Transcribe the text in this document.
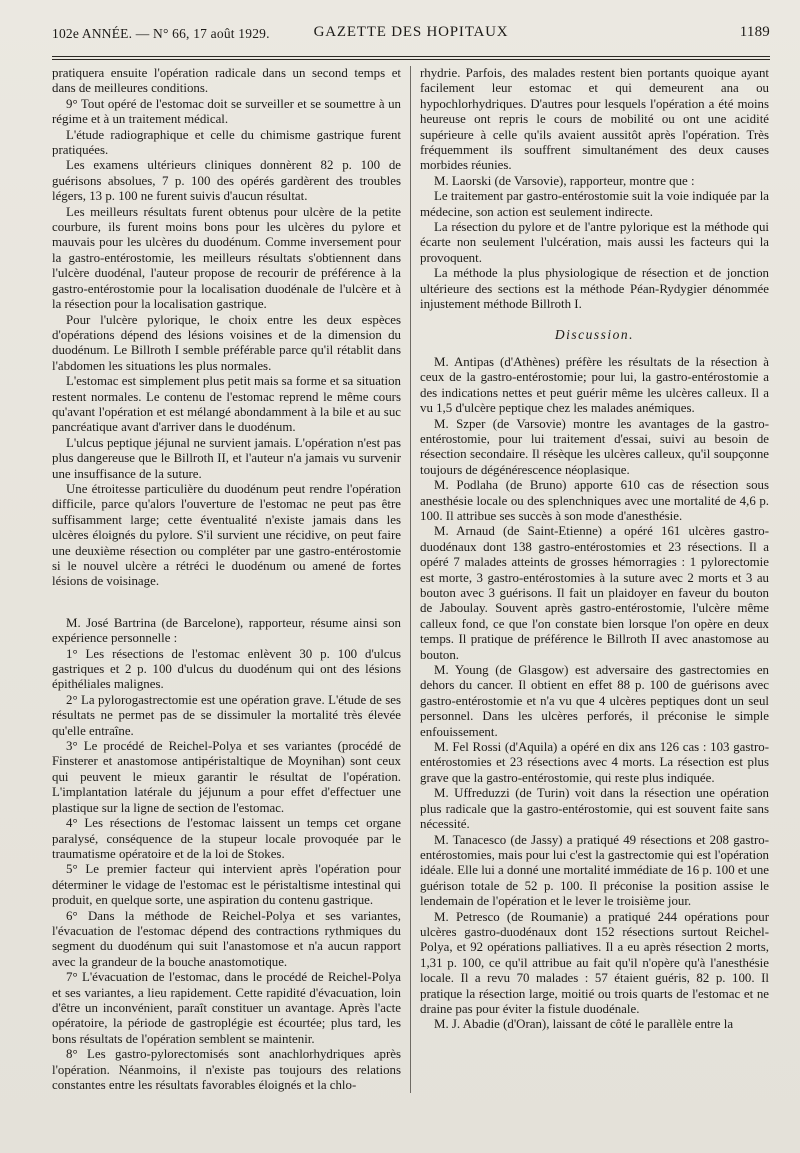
102e ANNÉE. — N° 66, 17 août 1929.	GAZETTE DES HOPITAUX	1189

pratiquera ensuite l'opération radicale dans un second temps et dans de meilleures conditions.

9° Tout opéré de l'estomac doit se surveiller et se soumettre à un régime et à un traitement médical.

L'étude radiographique et celle du chimisme gastrique furent pratiquées.

Les examens ultérieurs cliniques donnèrent 82 p. 100 de guérisons absolues, 7 p. 100 des opérés gardèrent des troubles légers, 13 p. 100 ne furent suivis d'aucun résultat.

Les meilleurs résultats furent obtenus pour ulcère de la petite courbure, ils furent moins bons pour les ulcères du pylore et mauvais pour les ulcères du duodénum. Comme inversement pour la gastro-entérostomie, les meilleurs résultats s'obtiennent dans l'ulcère duodénal, l'auteur propose de recourir de préférence à la gastro-entérostomie pour la localisation duodénale de l'ulcère et à la résection pour la localisation gastrique.

Pour l'ulcère pylorique, le choix entre les deux espèces d'opérations dépend des lésions voisines et de la dimension du duodénum. Le Billroth I semble préférable parce qu'il rétablit dans l'abdomen les situations les plus normales.

L'estomac est simplement plus petit mais sa forme et sa situation restent normales. Le contenu de l'estomac reprend le même cours qu'avant l'opération et est mélangé abondamment à la bile et au suc pancréatique avant d'arriver dans le duodénum.

L'ulcus peptique jéjunal ne survient jamais. L'opération n'est pas plus dangereuse que le Billroth II, et l'auteur n'a jamais vu survenir une insuffisance de la suture.

Une étroitesse particulière du duodénum peut rendre l'opération difficile, parce qu'alors l'ouverture de l'estomac ne peut pas être suffisamment large; cette éventualité n'existe jamais dans les ulcères éloignés du pylore. S'il survient une récidive, on peut faire une deuxième résection ou compléter par une gastro-entérostomie si le nouvel ulcère a rétréci le duodénum ou amené de fortes lésions de voisinage.

M. José Bartrina (de Barcelone), rapporteur, résume ainsi son expérience personnelle :

1° Les résections de l'estomac enlèvent 30 p. 100 d'ulcus gastriques et 2 p. 100 d'ulcus du duodénum qui ont des lésions épithéliales malignes.

2° La pylorogastrectomie est une opération grave. L'étude de ses résultats ne permet pas de se dissimuler la mortalité très élevée qu'elle entraîne.

3° Le procédé de Reichel-Polya et ses variantes (procédé de Finsterer et anastomose antipéristaltique de Moynihan) sont ceux qui peuvent le mieux garantir le résultat de l'opération. L'implantation latérale du jéjunum a pour effet d'effectuer une plastique sur la ligne de section de l'estomac.

4° Les résections de l'estomac laissent un temps cet organe paralysé, conséquence de la stupeur locale provoquée par le traumatisme opératoire et de la loi de Stokes.

5° Le premier facteur qui intervient après l'opération pour déterminer le vidage de l'estomac est le péristaltisme intestinal qui produit, en quelque sorte, une aspiration du contenu gastrique.

6° Dans la méthode de Reichel-Polya et ses variantes, l'évacuation de l'estomac dépend des contractions rythmiques du segment du duodénum qui suit l'anastomose et n'a aucun rapport avec la grandeur de la bouche anastomotique.

7° L'évacuation de l'estomac, dans le procédé de Reichel-Polya et ses variantes, a lieu rapidement. Cette rapidité d'évacuation, loin d'être un inconvénient, paraît constituer un avantage. Après l'acte opératoire, la période de gastroplégie est écourtée; plus tard, les bons résultats de l'opération semblent se maintenir.

8° Les gastro-pylorectomisés sont anachlorhydriques après l'opération. Néanmoins, il n'existe pas toujours des relations constantes entre les résultats favorables éloignés et la chlo-

rhydrie. Parfois, des malades restent bien portants quoique ayant facilement leur estomac et qui demeurent ana ou hypochlorhydriques. D'autres pour lesquels l'opération a été moins heureuse ont repris le cours de mobilité ou ont une acidité supérieure à celle qu'ils avaient aussitôt après l'opération. Très fréquemment ils souffrent simultanément des deux causes morbides réunies.

M. Laorski (de Varsovie), rapporteur, montre que :

Le traitement par gastro-entérostomie suit la voie indiquée par la médecine, son action est seulement indirecte.

La résection du pylore et de l'antre pylorique est la méthode qui écarte non seulement l'ulcération, mais aussi les facteurs qui la provoquent.

La méthode la plus physiologique de résection et de jonction ultérieure des sections est la méthode Péan-Rydygier dénommée injustement méthode Billroth I.

Discussion.

M. Antipas (d'Athènes) préfère les résultats de la résection à ceux de la gastro-entérostomie; pour lui, la gastro-entérostomie a des indications nettes et peut guérir même les ulcères calleux. Il a vu 1,5 d'ulcère peptique chez les malades anémiques.

M. Szper (de Varsovie) montre les avantages de la gastro-entérostomie, pour lui traitement d'essai, suivi au besoin de résection secondaire. Il résèque les ulcères calleux, qu'il soupçonne toujours de dégénérescence néoplasique.

M. Podlaha (de Bruno) apporte 610 cas de résection sous anesthésie locale ou des splenchniques avec une mortalité de 4,6 p. 100. Il attribue ses succès à son mode d'anesthésie.

M. Arnaud (de Saint-Etienne) a opéré 161 ulcères gastro-duodénaux dont 138 gastro-entérostomies et 23 résections. Il a opéré 7 malades atteints de grosses hémorragies : 1 pylorectomie est morte, 3 gastro-entérostomies à la suture avec 2 morts et 3 au bouton avec 3 guérisons. Il fait un plaidoyer en faveur du bouton de Jaboulay. Souvent après gastro-entérostomie, l'ulcère même calleux fond, ce que l'on constate bien lorsque l'on opère en deux temps. Il pratique de préférence le Billroth II avec anastomose au bouton.

M. Young (de Glasgow) est adversaire des gastrectomies en dehors du cancer. Il obtient en effet 88 p. 100 de guérisons avec gastro-entérostomie et n'a vu que 4 ulcères peptiques dont un seul personnel. Dans les ulcères perforés, il préconise le simple enfouissement.

M. Fel Rossi (d'Aquila) a opéré en dix ans 126 cas : 103 gastro-entérostomies et 23 résections avec 4 morts. La résection est plus grave que la gastro-entérostomie, qui reste plus indiquée.

M. Uffreduzzi (de Turin) voit dans la résection une opération plus radicale que la gastro-entérostomie, qui est souvent faite sans nécessité.

M. Tanacesco (de Jassy) a pratiqué 49 résections et 208 gastro-entérostomies, mais pour lui c'est la gastrectomie qui est l'opération idéale. Elle lui a donné une mortalité immédiate de 16 p. 100 et une guérison totale de 52 p. 100. Il préconise la position assise le lendemain de l'opération et le lever le troisième jour.

M. Petresco (de Roumanie) a pratiqué 244 opérations pour ulcères gastro-duodénaux dont 152 résections surtout Reichel-Polya, et 92 opérations palliatives. Il a eu après résection 2 morts, 1,31 p. 100, ce qu'il attribue au fait qu'il n'opère qu'à l'anesthésie locale. Il a revu 70 malades : 57 étaient guéris, 82 p. 100. Il pratique la résection large, moitié ou trois quarts de l'estomac et ne draine pas pour éviter la fistule duodénale.

M. J. Abadie (d'Oran), laissant de côté le parallèle entre la
